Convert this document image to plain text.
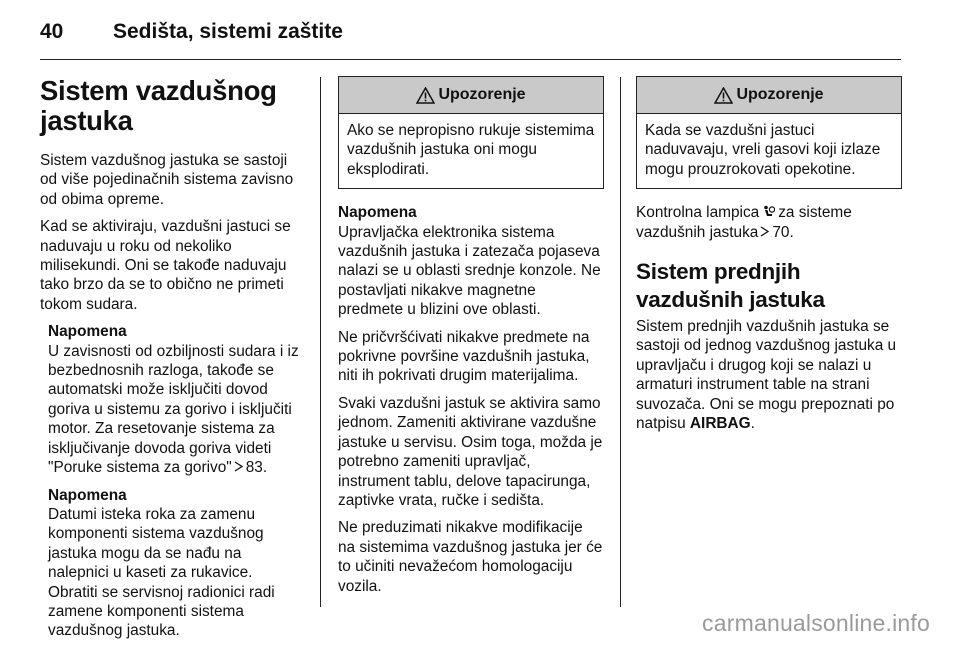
40 Sedišta, sistemi zaštite
Sistem vazdušnog jastuka

Sistem vazdušnog jastuka se sastoji od više pojedinačnih sistema zavisno od obima opreme.

Kad se aktiviraju, vazdušni jastuci se naduvaju u roku od nekoliko milisekundi. Oni se takođe naduvaju tako brzo da se to obično ne primeti tokom sudara.

Napomena
U zavisnosti od ozbiljnosti sudara i iz bezbednosnih razloga, takođe se automatski može isključiti dovod goriva u sistemu za gorivo i isključiti motor. Za resetovanje sistema za isključivanje dovoda goriva videti "Poruke sistema za gorivo" 83.
Napomena
Datumi isteka roka za zamenu komponenti sistema vazdušnog jastuka mogu da se nađu na nalepnici u kaseti za rukavice. Obratiti se servisnoj radionici radi zamene komponenti sistema vazdušnog jastuka.
Upozorenje
Ako se nepropisno rukuje sistemima vazdušnih jastuka oni mogu eksplodirati.
Napomena
Upravljačka elektronika sistema vazdušnih jastuka i zatezača pojaseva nalazi se u oblasti srednje konzole. Ne postavljati nikakve magnetne predmete u blizini ove oblasti.

Ne pričvršćivati nikakve predmete na pokrivne površine vazdušnih jastuka, niti ih pokrivati drugim materijalima.

Svaki vazdušni jastuk se aktivira samo jednom. Zameniti aktivirane vazdušne jastuke u servisu. Osim toga, možda je potrebno zameniti upravljač, instrument tablu, delove tapacirunga, zaptivke vrata, ručke i sedišta.

Ne preduzimati nikakve modifikacije na sistemima vazdušnog jastuka jer će to učiniti nevažećom homologaciju vozila.

Upozorenje
Kada se vazdušni jastuci naduvavaju, vreli gasovi koji izlaze mogu prouzrokovati opekotine.

Kontrolna lampica za sisteme vazdušnih jastuka 70.

Sistem prednjih vazdušnih jastuka

Sistem prednjih vazdušnih jastuka se sastoji od jednog vazdušnog jastuka u upravljaču i drugog koji se nalazi u armaturi instrument table na strani suvozača. Oni se mogu prepoznati po natpisu AIRBAG.

carmanualsonline.info
